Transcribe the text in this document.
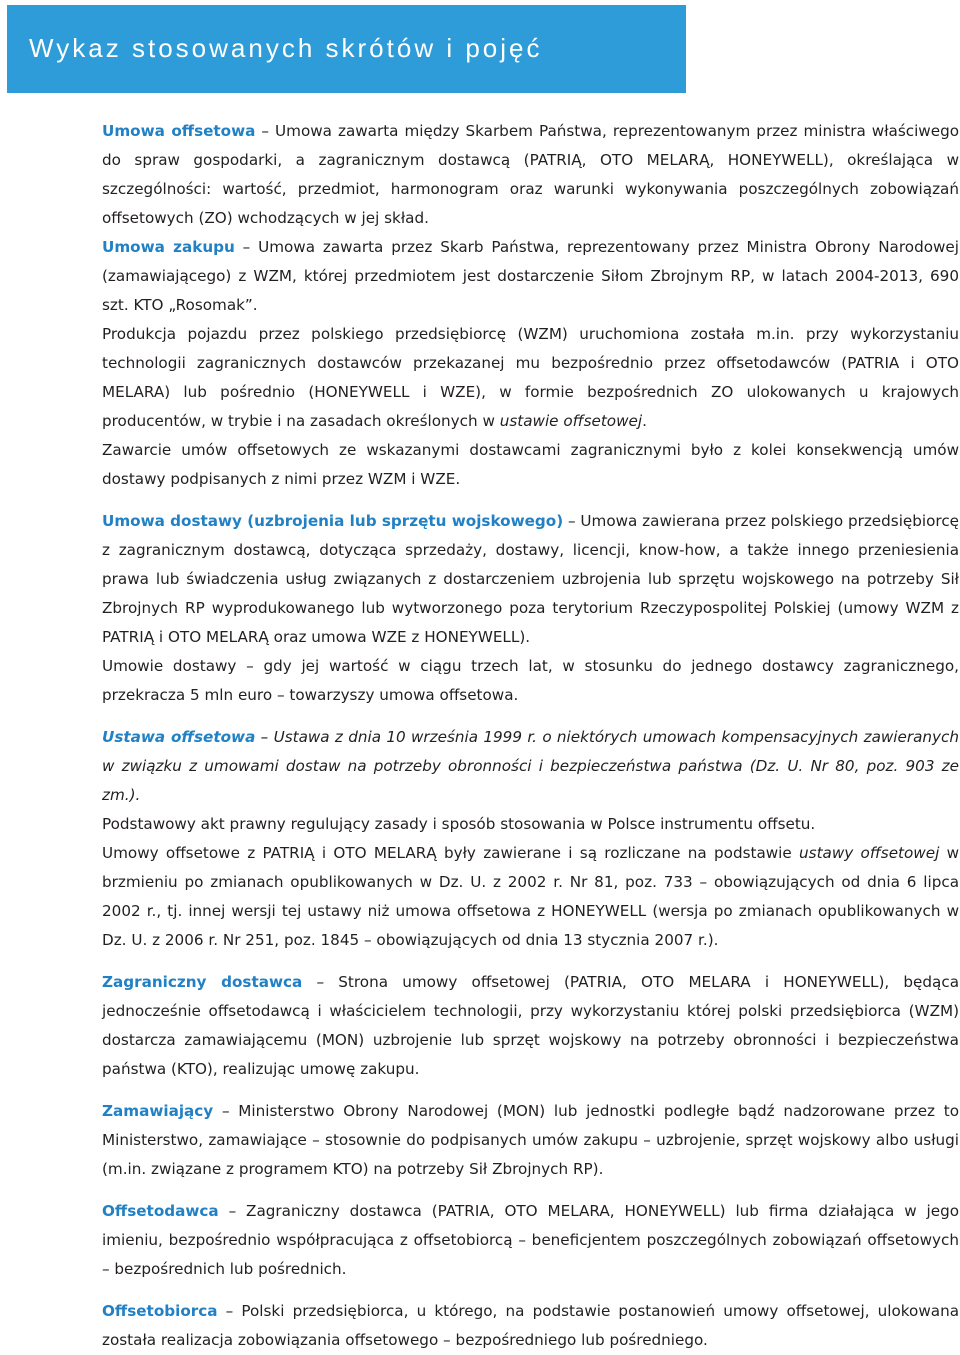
Wykaz stosowanych skrótów i pojęć

Umowa offsetowa – Umowa zawarta między Skarbem Państwa, reprezentowanym przez ministra właściwego do spraw gospodarki, a zagranicznym dostawcą (PATRIĄ, OTO MELARĄ, HONEYWELL), określająca w szczególności: wartość, przedmiot, harmonogram oraz warunki wykonywania poszczególnych zobowiązań offsetowych (ZO) wchodzących w jej skład.

Umowa zakupu – Umowa zawarta przez Skarb Państwa, reprezentowany przez Ministra Obrony Narodowej (zamawiającego) z WZM, której przedmiotem jest dostarczenie Siłom Zbrojnym RP, w latach 2004-2013, 690 szt. KTO „Rosomak”.

Produkcja pojazdu przez polskiego przedsiębiorcę (WZM) uruchomiona została m.in. przy wykorzystaniu technologii zagranicznych dostawców przekazanej mu bezpośrednio przez offsetodawców (PATRIA i OTO MELARA) lub pośrednio (HONEYWELL i WZE), w formie bezpośrednich ZO ulokowanych u krajowych producentów, w trybie i na zasadach określonych w ustawie offsetowej.

Zawarcie umów offsetowych ze wskazanymi dostawcami zagranicznymi było z kolei konsekwencją umów dostawy podpisanych z nimi przez WZM i WZE.

Umowa dostawy (uzbrojenia lub sprzętu wojskowego) – Umowa zawierana przez polskiego przedsiębiorcę z zagranicznym dostawcą, dotycząca sprzedaży, dostawy, licencji, know-how, a także innego przeniesienia prawa lub świadczenia usług związanych z dostarczeniem uzbrojenia lub sprzętu wojskowego na potrzeby Sił Zbrojnych RP wyprodukowanego lub wytworzonego poza terytorium Rzeczypospolitej Polskiej (umowy WZM z PATRIĄ i OTO MELARĄ oraz umowa WZE z HONEYWELL).

Umowie dostawy – gdy jej wartość w ciągu trzech lat, w stosunku do jednego dostawcy zagranicznego, przekracza 5 mln euro – towarzyszy umowa offsetowa.

Ustawa offsetowa – Ustawa z dnia 10 września 1999 r. o niektórych umowach kompensacyjnych zawieranych w związku z umowami dostaw na potrzeby obronności i bezpieczeństwa państwa (Dz. U. Nr 80, poz. 903 ze zm.).

Podstawowy akt prawny regulujący zasady i sposób stosowania w Polsce instrumentu offsetu.

Umowy offsetowe z PATRIĄ i OTO MELARĄ były zawierane i są rozliczane na podstawie ustawy offsetowej w brzmieniu po zmianach opublikowanych w Dz. U. z 2002 r. Nr 81, poz. 733 – obowiązujących od dnia 6 lipca 2002 r., tj. innej wersji tej ustawy niż umowa offsetowa z HONEYWELL (wersja po zmianach opublikowanych w Dz. U. z 2006 r. Nr 251, poz. 1845 – obowiązujących od dnia 13 stycznia 2007 r.).

Zagraniczny dostawca – Strona umowy offsetowej (PATRIA, OTO MELARA i HONEYWELL), będąca jednocześnie offsetodawcą i właścicielem technologii, przy wykorzystaniu której polski przedsiębiorca (WZM) dostarcza zamawiającemu (MON) uzbrojenie lub sprzęt wojskowy na potrzeby obronności i bezpieczeństwa państwa (KTO), realizując umowę zakupu.

Zamawiający – Ministerstwo Obrony Narodowej (MON) lub jednostki podległe bądź nadzorowane przez to Ministerstwo, zamawiające – stosownie do podpisanych umów zakupu – uzbrojenie, sprzęt wojskowy albo usługi (m.in. związane z programem KTO) na potrzeby Sił Zbrojnych RP).

Offsetodawca – Zagraniczny dostawca (PATRIA, OTO MELARA, HONEYWELL) lub firma działająca w jego imieniu, bezpośrednio współpracująca z offsetobiorcą – beneficjentem poszczególnych zobowiązań offsetowych – bezpośrednich lub pośrednich.

Offsetobiorca – Polski przedsiębiorca, u którego, na podstawie postanowień umowy offsetowej, ulokowana została realizacja zobowiązania offsetowego – bezpośredniego lub pośredniego.
